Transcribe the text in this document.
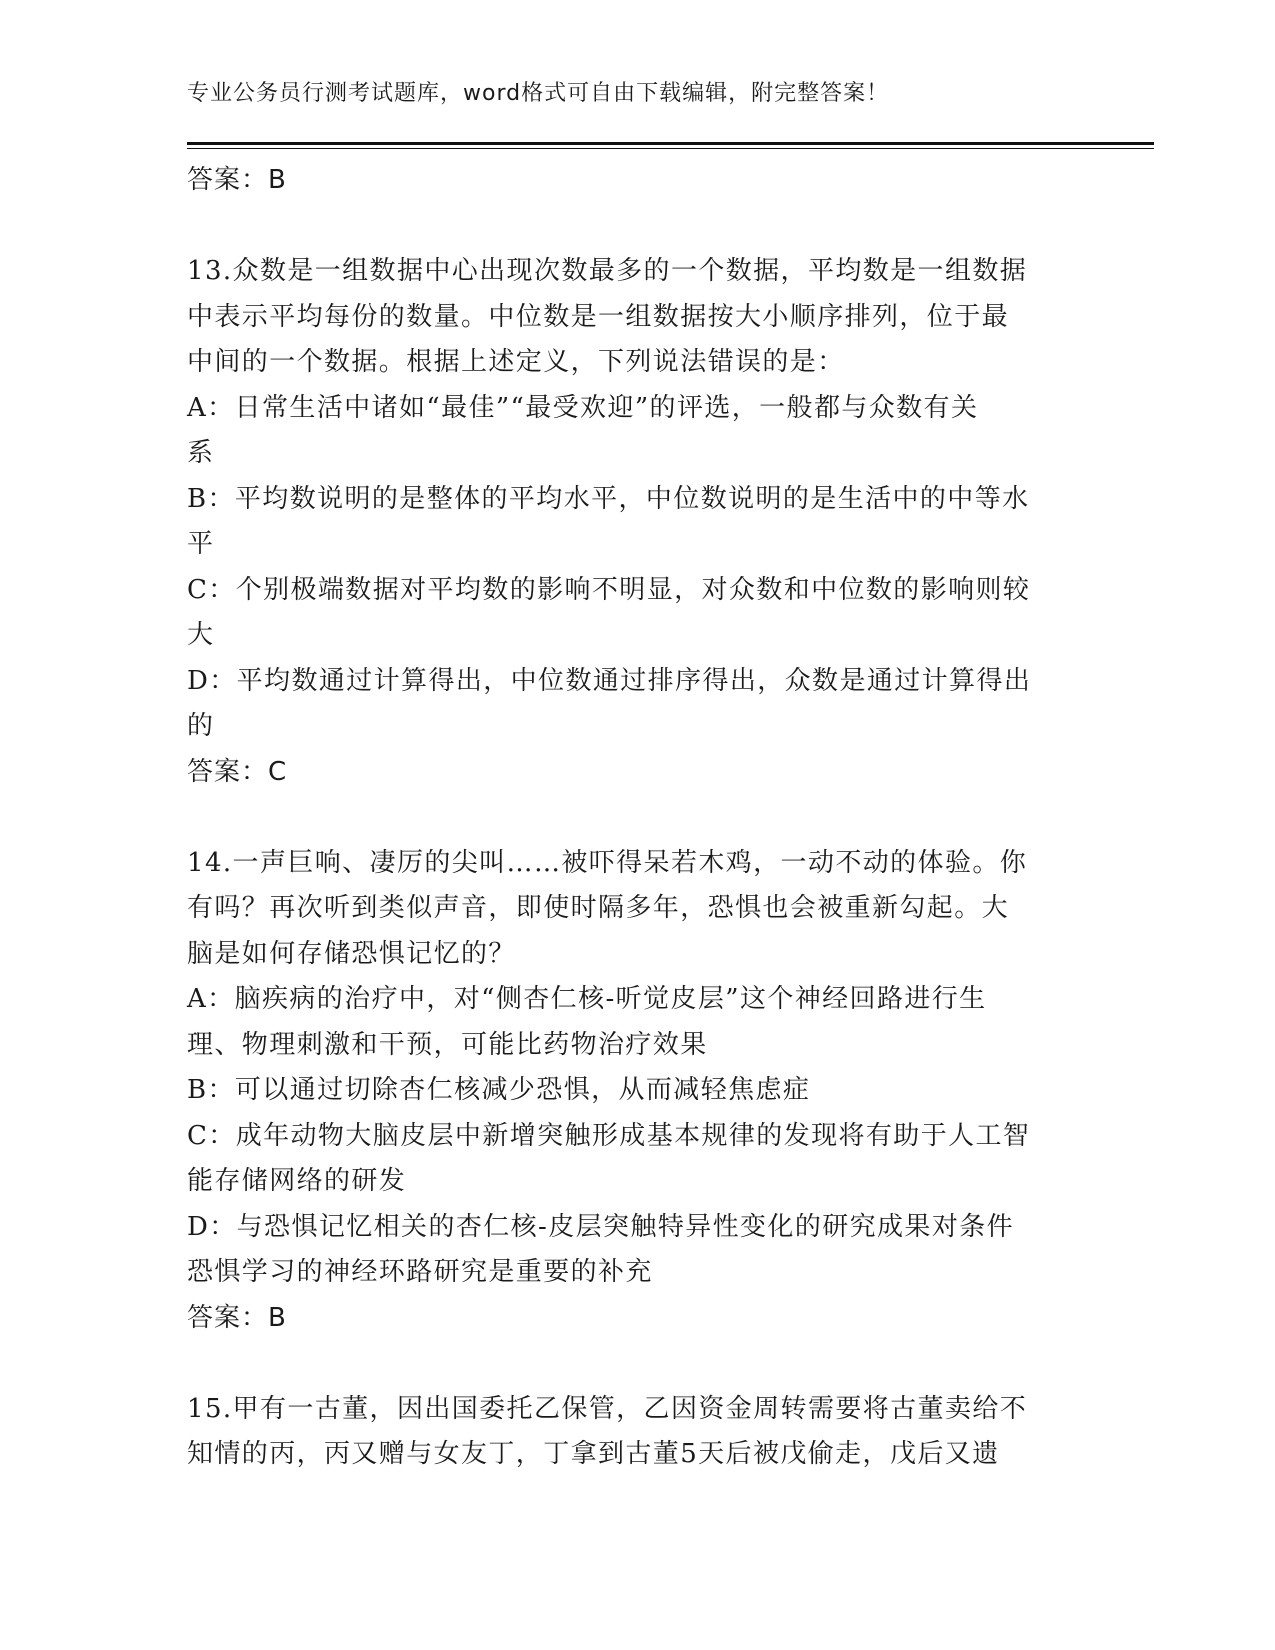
专业公务员行测考试题库，word格式可自由下载编辑，附完整答案！
答案：B
13.众数是一组数据中心出现次数最多的一个数据，平均数是一组数据
中表示平均每份的数量。中位数是一组数据按大小顺序排列，位于最
中间的一个数据。根据上述定义，下列说法错误的是：
A：日常生活中诸如“最佳”“最受欢迎”的评选，一般都与众数有关
系
B：平均数说明的是整体的平均水平，中位数说明的是生活中的中等水
平
C：个别极端数据对平均数的影响不明显，对众数和中位数的影响则较
大
D：平均数通过计算得出，中位数通过排序得出，众数是通过计算得出
的
答案：C
14.一声巨响、凄厉的尖叫……被吓得呆若木鸡，一动不动的体验。你
有吗？再次听到类似声音，即使时隔多年，恐惧也会被重新勾起。大
脑是如何存储恐惧记忆的？
A：脑疾病的治疗中，对“侧杏仁核-听觉皮层”这个神经回路进行生
理、物理刺激和干预，可能比药物治疗效果
B：可以通过切除杏仁核减少恐惧，从而减轻焦虑症
C：成年动物大脑皮层中新增突触形成基本规律的发现将有助于人工智
能存储网络的研发
D：与恐惧记忆相关的杏仁核-皮层突触特异性变化的研究成果对条件
恐惧学习的神经环路研究是重要的补充
答案：B
15.甲有一古董，因出国委托乙保管，乙因资金周转需要将古董卖给不
知情的丙，丙又赠与女友丁，丁拿到古董5天后被戊偷走，戊后又遗
